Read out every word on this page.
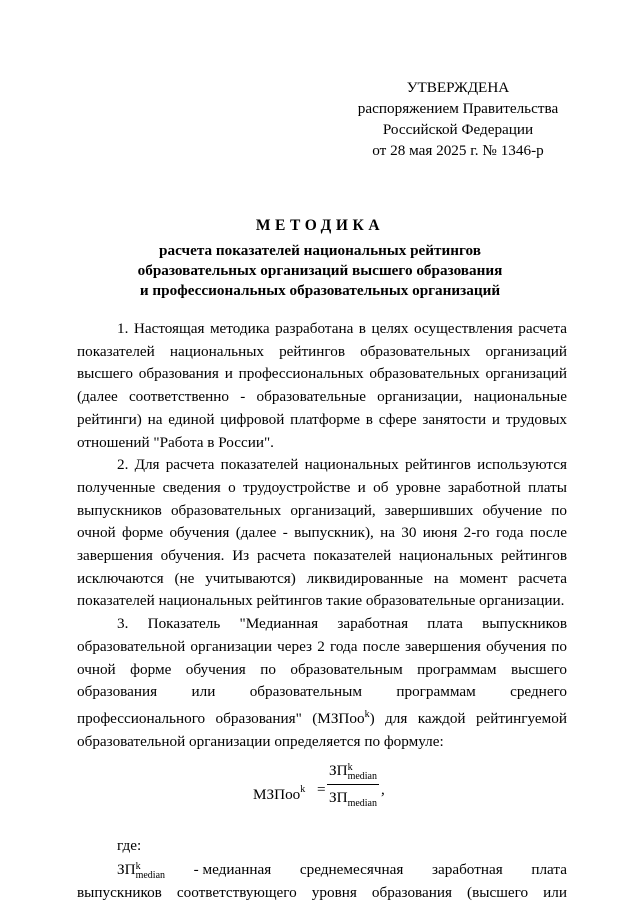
УТВЕРЖДЕНА
распоряжением Правительства
Российской Федерации
от 28 мая 2025 г. № 1346-р
МЕТОДИКА
расчета показателей национальных рейтингов
образовательных организаций высшего образования
и профессиональных образовательных организаций

1. Настоящая методика разработана в целях осуществления расчета показателей национальных рейтингов образовательных организаций высшего образования и профессиональных образовательных организаций (далее соответственно - образовательные организации, национальные рейтинги) на единой цифровой платформе в сфере занятости и трудовых отношений "Работа в России".

2. Для расчета показателей национальных рейтингов используются полученные сведения о трудоустройстве и об уровне заработной платы выпускников образовательных организаций, завершивших обучение по очной форме обучения (далее - выпускник), на 30 июня 2-го года после завершения обучения. Из расчета показателей национальных рейтингов исключаются (не учитываются) ликвидированные на момент расчета показателей национальных рейтингов такие образовательные организации.

3. Показатель "Медианная заработная плата выпускников образовательной организации через 2 года после завершения обучения по очной форме обучения по образовательным программам высшего образования или образовательным программам среднего профессионального образования" (МЗПоо$^k$) для каждой рейтингуемой образовательной организации определяется по формуле:

МЗПоо$^k$ =
ЗП k
median
ЗП
median
,

где:

ЗП k
median - медианная среднемесячная заработная плата
выпускников соответствующего уровня образования (высшего или
